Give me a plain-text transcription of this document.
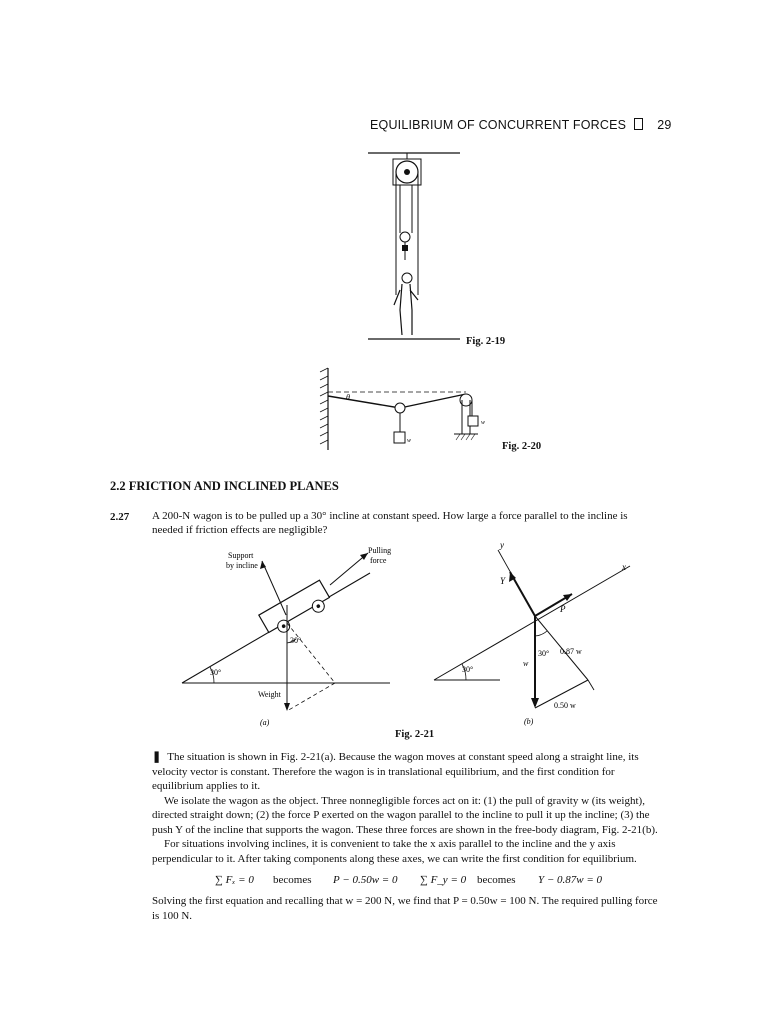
EQUILIBRIUM OF CONCURRENT FORCES 29
Fig. 2-19
w
w
θ
Fig. 2-20
2.2 FRICTION AND INCLINED PLANES
2.27 A 200-N wagon is to be pulled up a 30° incline at constant speed. How large a force parallel to the incline is needed if friction effects are negligible?
Support
by incline
Pulling
force
30°
30°
Weight
(a)
y
x
Y
P
w
30°
30°
0.87 w
0.50 w
(b)
Fig. 2-21

❚ The situation is shown in Fig. 2-21(a). Because the wagon moves at constant speed along a straight line, its velocity vector is constant. Therefore the wagon is in translational equilibrium, and the first condition for equilibrium applies to it.

We isolate the wagon as the object. Three nonnegligible forces act on it: (1) the pull of gravity w (its weight), directed straight down; (2) the force P exerted on the wagon parallel to the incline to pull it up the incline; (3) the push Y of the incline that supports the wagon. These three forces are shown in the free-body diagram, Fig. 2-21(b).

For situations involving inclines, it is convenient to take the x axis parallel to the incline and the y axis perpendicular to it. After taking components along these axes, we can write the first condition for equilibrium.

∑ Fₓ = 0 becomes P − 0.50w = 0 ∑ F_y = 0 becomes Y − 0.87w = 0
Solving the first equation and recalling that w = 200 N, we find that P = 0.50w = 100 N. The required pulling force is 100 N.
